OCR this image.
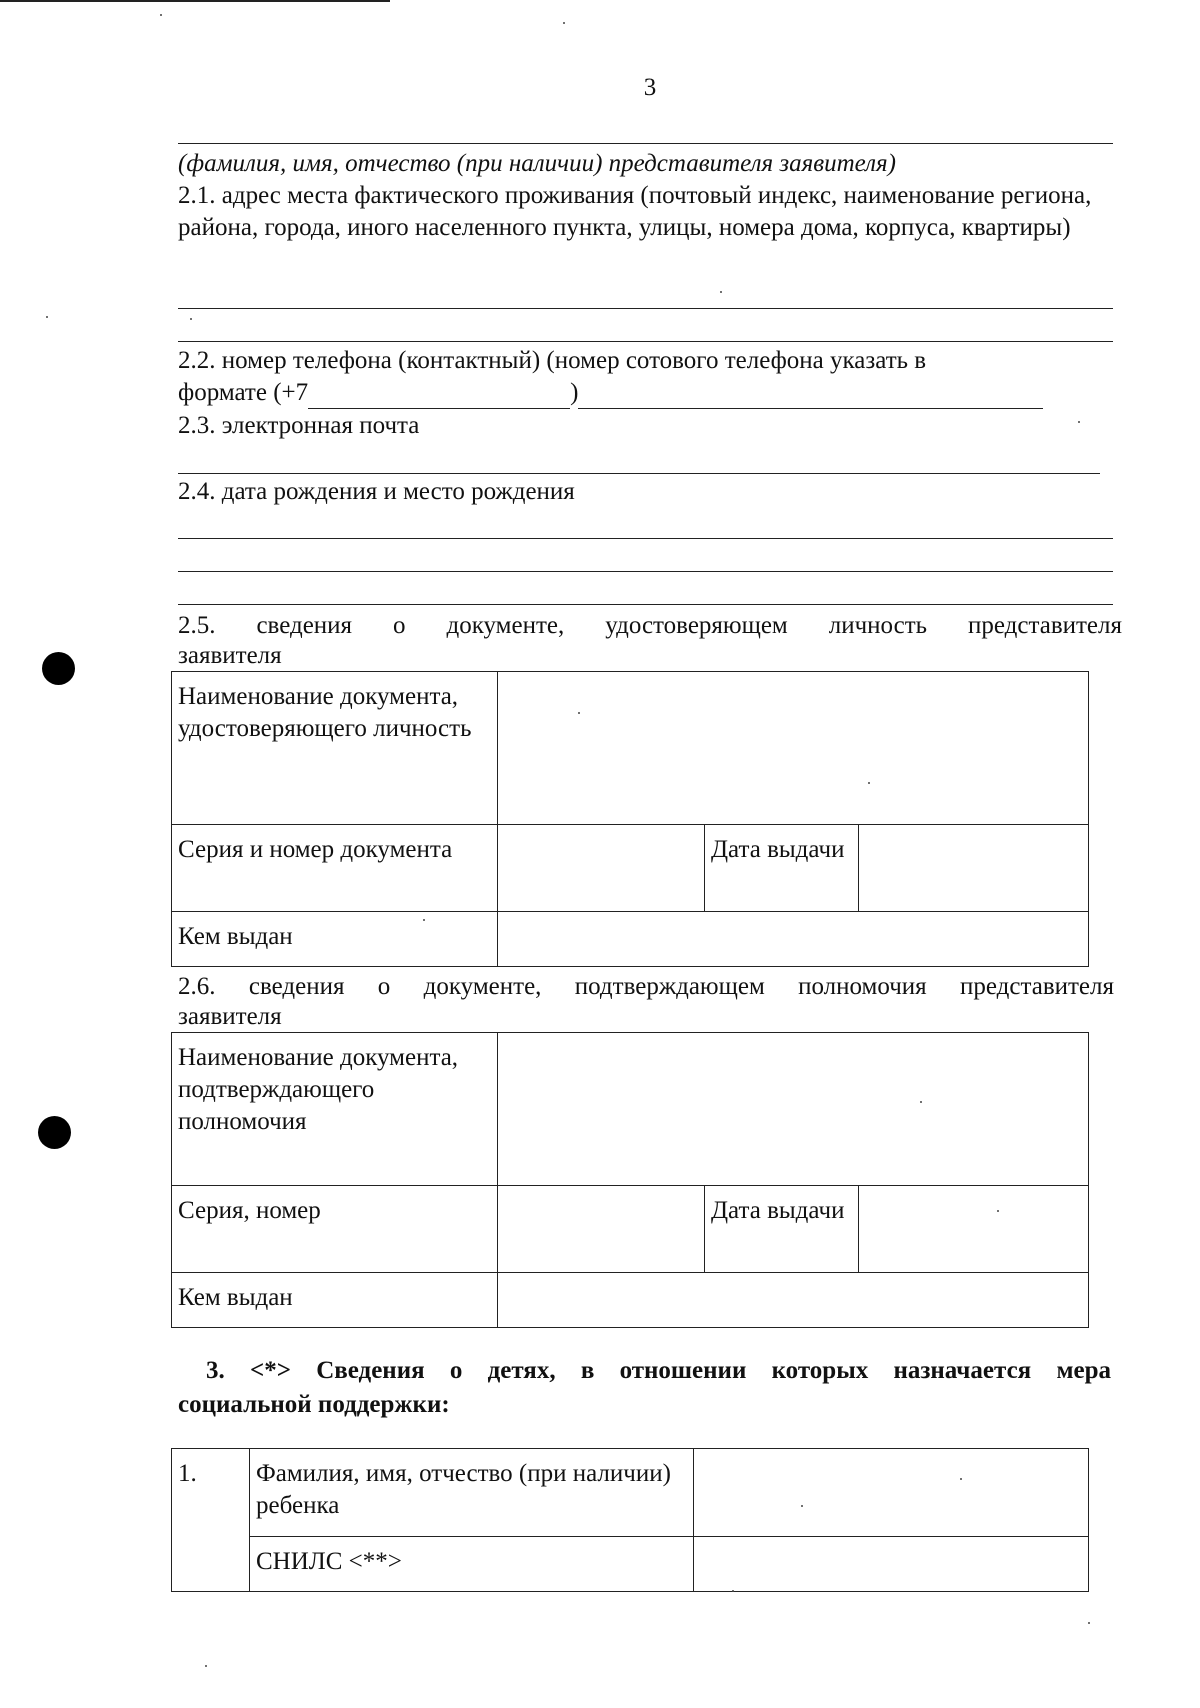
3
(фамилия, имя, отчество (при наличии) представителя заявителя)
2.1. адрес места фактического проживания (почтовый индекс, наименование региона, района, города, иного населенного пункта, улицы, номера дома, корпуса, квартиры)
2.2. номер телефона (контактный) (номер сотового телефона указать в
формате (+7	)
2.3. электронная почта
2.4. дата рождения и место рождения
2.5. сведения о документе, удостоверяющем личность представителя
заявителя
Наименование документа, удостоверяющего личность			
Серия и номер документа		Дата выдачи	
Кем выдан			
2.6. сведения о документе, подтверждающем полномочия представителя
заявителя
Наименование документа, подтверждающего полномочия			
Серия, номер		Дата выдачи	
Кем выдан			
3. <*> Сведения о детях, в отношении которых назначается мера
социальной поддержки:
1.	Фамилия, имя, отчество (при наличии) ребенка	
	СНИЛС <**>	
